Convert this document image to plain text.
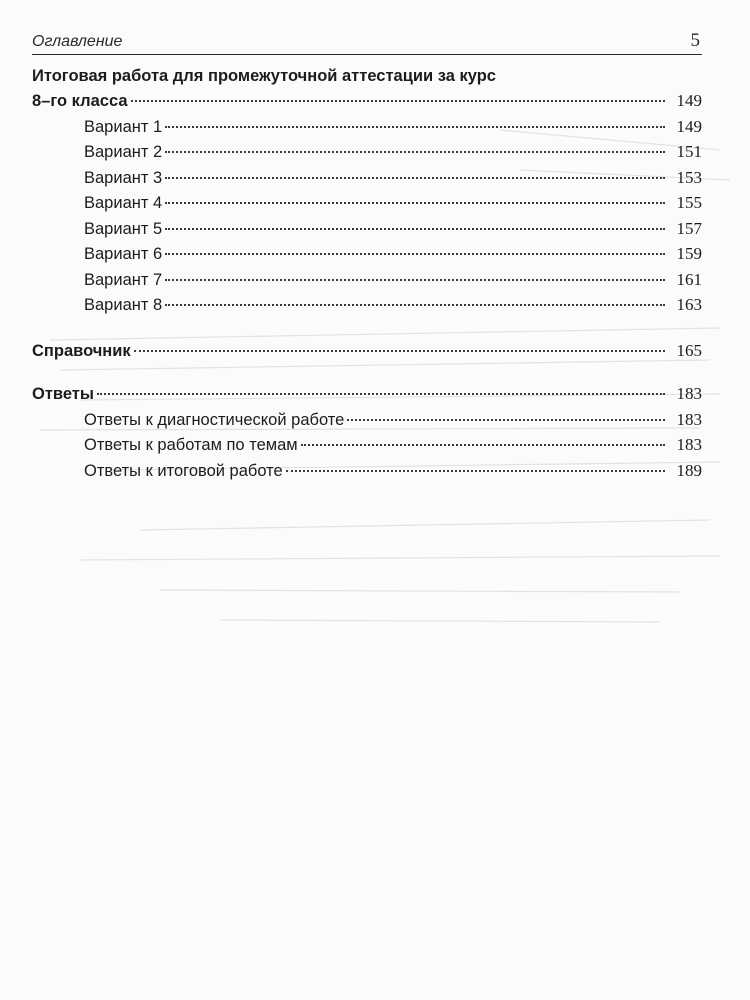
Оглавление	5
Итоговая работа для промежуточной аттестации за курс
8–го класса	149
Вариант 1	149
Вариант 2	151
Вариант 3	153
Вариант 4	155
Вариант 5	157
Вариант 6	159
Вариант 7	161
Вариант 8	163
Справочник	165
Ответы	183
Ответы к диагностической работе	183
Ответы к работам по темам	183
Ответы к итоговой работе	189
